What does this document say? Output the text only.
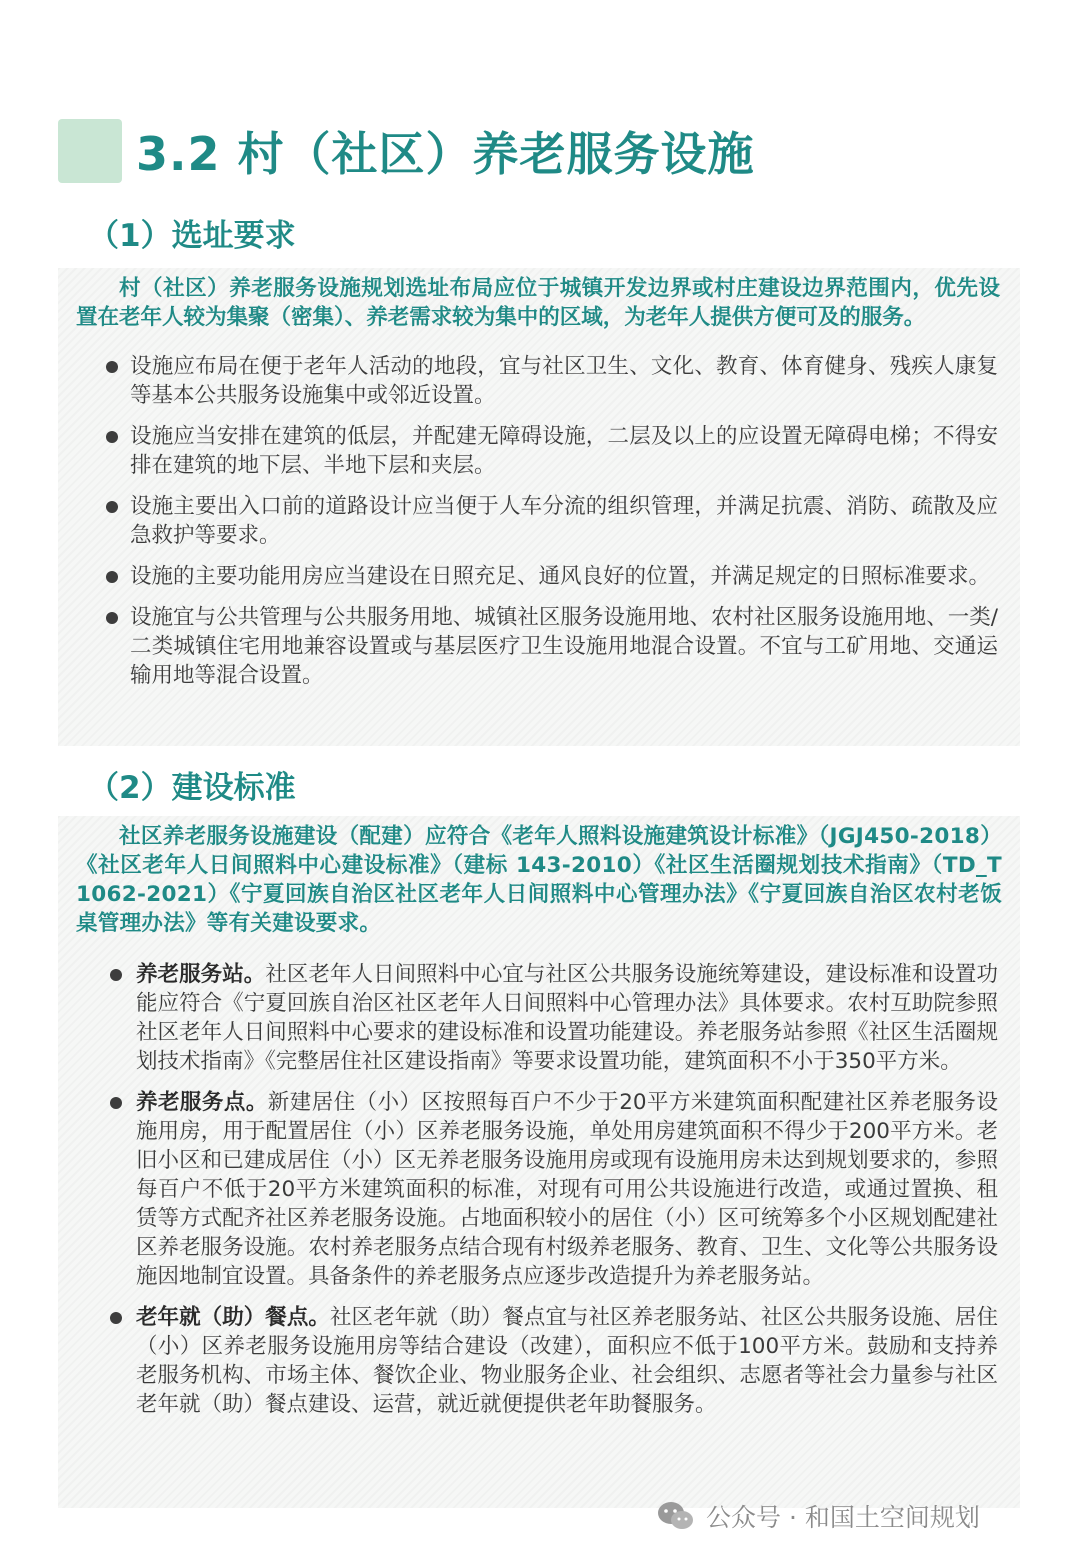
3.2 村（社区）养老服务设施
（1）选址要求

村（社区）养老服务设施规划选址布局应位于城镇开发边界或村庄建设边界范围内，优先设置在老年人较为集聚（密集）、养老需求较为集中的区域，为老年人提供方便可及的服务。

设施应布局在便于老年人活动的地段，宜与社区卫生、文化、教育、体育健身、残疾人康复等基本公共服务设施集中或邻近设置。
设施应当安排在建筑的低层，并配建无障碍设施，二层及以上的应设置无障碍电梯；不得安排在建筑的地下层、半地下层和夹层。
设施主要出入口前的道路设计应当便于人车分流的组织管理，并满足抗震、消防、疏散及应急救护等要求。
设施的主要功能用房应当建设在日照充足、通风良好的位置，并满足规定的日照标准要求。
设施宜与公共管理与公共服务用地、城镇社区服务设施用地、农村社区服务设施用地、一类/二类城镇住宅用地兼容设置或与基层医疗卫生设施用地混合设置。不宜与工矿用地、交通运输用地等混合设置。
（2）建设标准

社区养老服务设施建设（配建）应符合《老年人照料设施建筑设计标准》（JGJ450-2018）《社区老年人日间照料中心建设标准》（建标 143-2010）《社区生活圈规划技术指南》（TD_T 1062-2021）《宁夏回族自治区社区老年人日间照料中心管理办法》《宁夏回族自治区农村老饭桌管理办法》等有关建设要求。

养老服务站。社区老年人日间照料中心宜与社区公共服务设施统筹建设，建设标准和设置功能应符合《宁夏回族自治区社区老年人日间照料中心管理办法》具体要求。农村互助院参照社区老年人日间照料中心要求的建设标准和设置功能建设。养老服务站参照《社区生活圈规划技术指南》《完整居住社区建设指南》等要求设置功能，建筑面积不小于350平方米。
养老服务点。新建居住（小）区按照每百户不少于20平方米建筑面积配建社区养老服务设施用房，用于配置居住（小）区养老服务设施，单处用房建筑面积不得少于200平方米。老旧小区和已建成居住（小）区无养老服务设施用房或现有设施用房未达到规划要求的，参照每百户不低于20平方米建筑面积的标准，对现有可用公共设施进行改造，或通过置换、租赁等方式配齐社区养老服务设施。占地面积较小的居住（小）区可统筹多个小区规划配建社区养老服务设施。农村养老服务点结合现有村级养老服务、教育、卫生、文化等公共服务设施因地制宜设置。具备条件的养老服务点应逐步改造提升为养老服务站。
老年就（助）餐点。社区老年就（助）餐点宜与社区养老服务站、社区公共服务设施、居住（小）区养老服务设施用房等结合建设（改建），面积应不低于100平方米。鼓励和支持养老服务机构、市场主体、餐饮企业、物业服务企业、社会组织、志愿者等社会力量参与社区老年就（助）餐点建设、运营，就近就便提供老年助餐服务。
公众号 · 和国土空间规划
